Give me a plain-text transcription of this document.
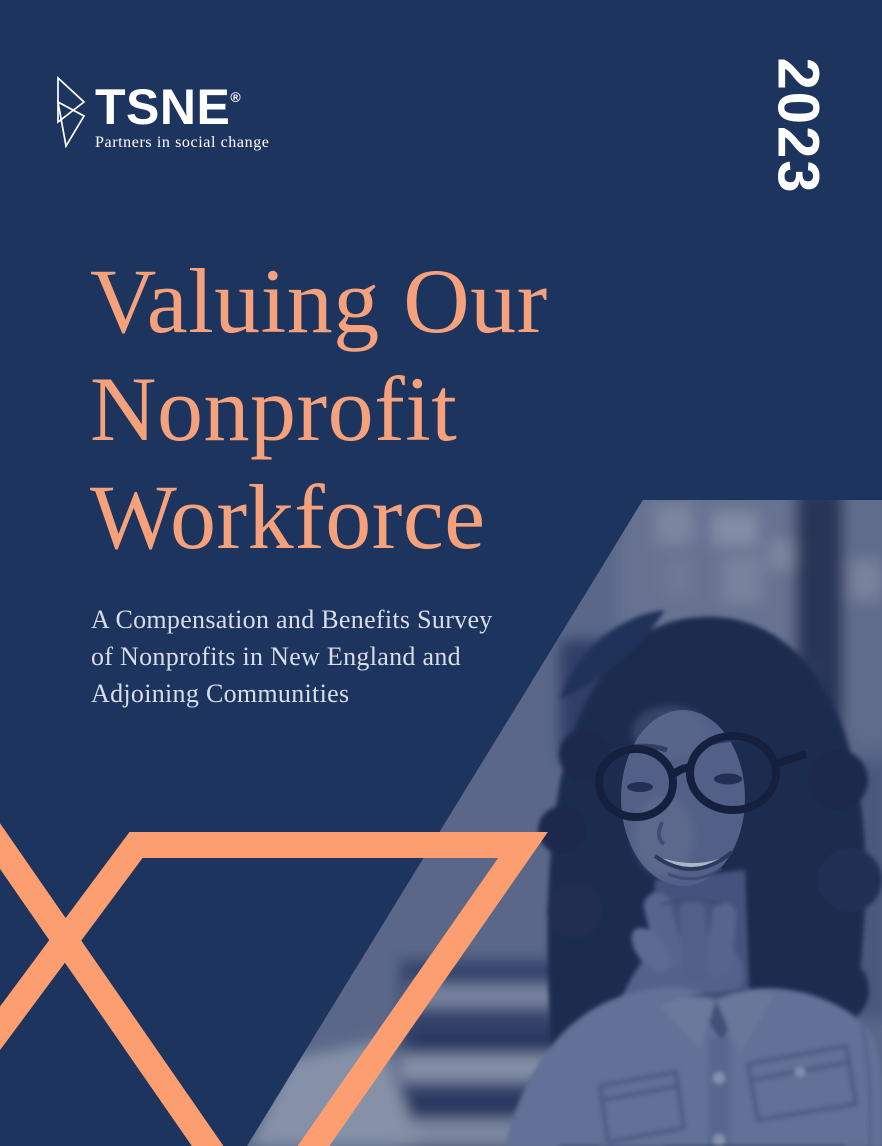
TSNE®
Partners in social change	2023
Valuing Our
Nonprofit
Workforce

A Compensation and Benefits Survey
of Nonprofits in New England and
Adjoining Communities
